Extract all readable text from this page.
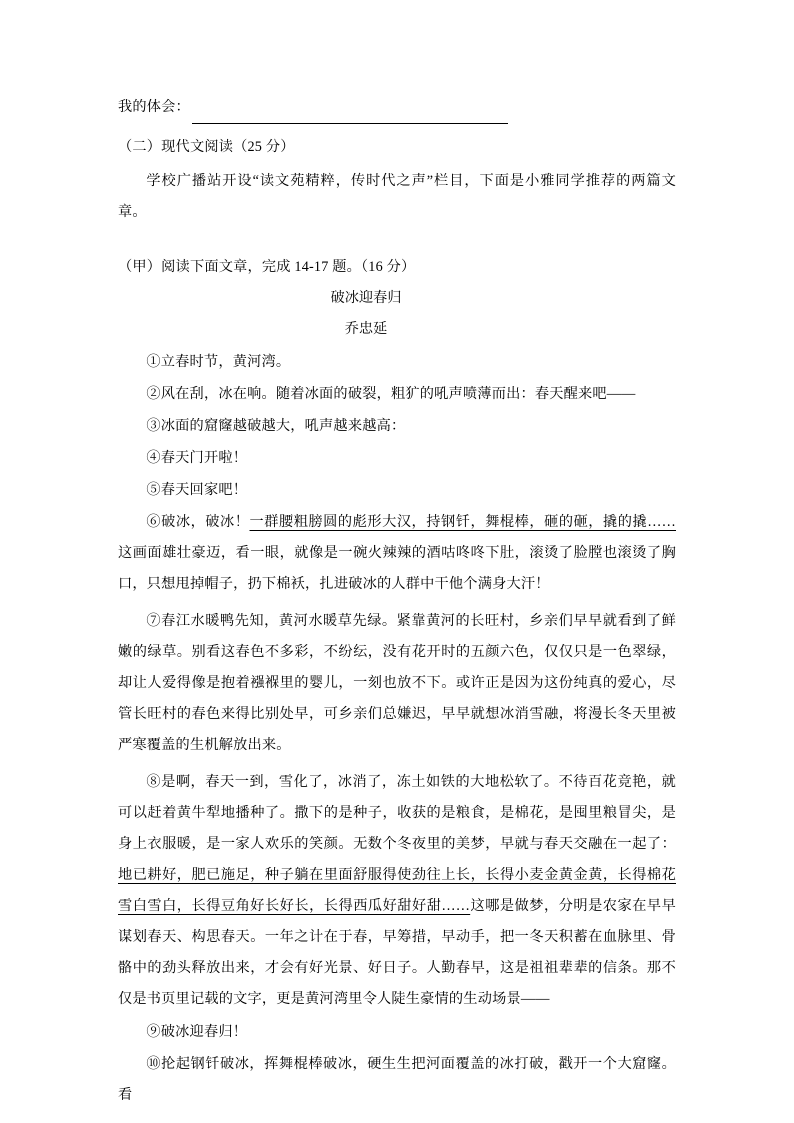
我的体会：

（二）现代文阅读（25 分）

学校广播站开设“读文苑精粹，传时代之声”栏目，下面是小雅同学推荐的两篇文章。

（甲）阅读下面文章，完成 14-17 题。（16 分）

破冰迎春归

乔忠延

①立春时节，黄河湾。

②风在刮，冰在响。随着冰面的破裂，粗犷的吼声喷薄而出：春天醒来吧——

③冰面的窟窿越破越大，吼声越来越高：

④春天门开啦！

⑤春天回家吧！

⑥破冰，破冰！一群腰粗膀圆的彪形大汉，持钢钎，舞棍棒，砸的砸，撬的撬……这画面雄壮豪迈，看一眼，就像是一碗火辣辣的酒咕咚咚下肚，滚烫了脸膛也滚烫了胸口，只想甩掉帽子，扔下棉袄，扎进破冰的人群中干他个满身大汗！

⑦春江水暖鸭先知，黄河水暖草先绿。紧靠黄河的长旺村，乡亲们早早就看到了鲜嫩的绿草。别看这春色不多彩，不纷纭，没有花开时的五颜六色，仅仅只是一色翠绿，却让人爱得像是抱着襁褓里的婴儿，一刻也放不下。或许正是因为这份纯真的爱心，尽管长旺村的春色来得比别处早，可乡亲们总嫌迟，早早就想冰消雪融，将漫长冬天里被严寒覆盖的生机解放出来。

⑧是啊，春天一到，雪化了，冰消了，冻土如铁的大地松软了。不待百花竞艳，就可以赶着黄牛犁地播种了。撒下的是种子，收获的是粮食，是棉花，是囤里粮冒尖，是身上衣服暖，是一家人欢乐的笑颜。无数个冬夜里的美梦，早就与春天交融在一起了：地已耕好，肥已施足，种子躺在里面舒服得使劲往上长，长得小麦金黄金黄，长得棉花雪白雪白，长得豆角好长好长，长得西瓜好甜好甜……这哪是做梦，分明是农家在早早谋划春天、构思春天。一年之计在于春，早筹措，早动手，把一冬天积蓄在血脉里、骨骼中的劲头释放出来，才会有好光景、好日子。人勤春早，这是祖祖辈辈的信条。那不仅是书页里记载的文字，更是黄河湾里令人陡生豪情的生动场景——

⑨破冰迎春归！

⑩抡起钢钎破冰，挥舞棍棒破冰，硬生生把河面覆盖的冰打破，戳开一个大窟窿。看
